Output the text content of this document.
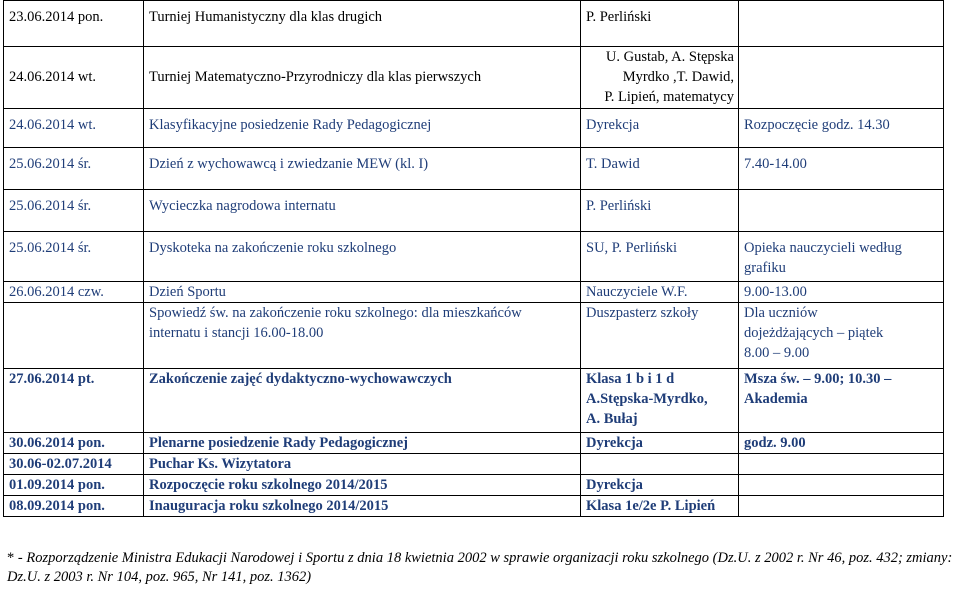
23.06.2014 pon.	Turniej Humanistyczny dla klas drugich	P. Perliński	
24.06.2014 wt.	Turniej Matematyczno-Przyrodniczy dla klas pierwszych	U. Gustab, A. Stępska
Myrdko ,T. Dawid,
P. Lipień, matematycy	

24.06.2014 wt.	Klasyfikacyjne posiedzenie Rady Pedagogicznej	Dyrekcja	Rozpoczęcie godz. 14.30
25.06.2014 śr.	Dzień z wychowawcą i zwiedzanie MEW (kl. I)	T. Dawid	7.40-14.00
25.06.2014 śr.	Wycieczka nagrodowa internatu	P. Perliński	
25.06.2014 śr.	Dyskoteka na zakończenie roku szkolnego	SU, P. Perliński	Opieka nauczycieli według grafiku
26.06.2014 czw.	Dzień Sportu	Nauczyciele W.F.	9.00-13.00
	Spowiedź św. na zakończenie roku szkolnego: dla mieszkańców internatu i stancji 16.00-18.00	Duszpasterz szkoły	Dla uczniów
dojeżdżających – piątek
8.00 – 9.00

27.06.2014 pt.	Zakończenie zajęć dydaktyczno-wychowawczych	Klasa 1 b i 1 d
A.Stępska-Myrdko,
A. Bułaj	Msza św. – 9.00; 10.30 – Akademia
30.06.2014 pon.	Plenarne posiedzenie Rady Pedagogicznej	Dyrekcja	godz. 9.00
30.06-02.07.2014	Puchar Ks. Wizytatora		
01.09.2014 pon.	Rozpoczęcie roku szkolnego 2014/2015	Dyrekcja	
08.09.2014 pon.	Inauguracja roku szkolnego 2014/2015	Klasa 1e/2e P. Lipień	
* - Rozporządzenie Ministra Edukacji Narodowej i Sportu z dnia 18 kwietnia 2002 w sprawie organizacji roku szkolnego (Dz.U. z 2002 r. Nr 46, poz. 432; zmiany: Dz.U. z 2003 r. Nr 104, poz. 965, Nr 141, poz. 1362)
